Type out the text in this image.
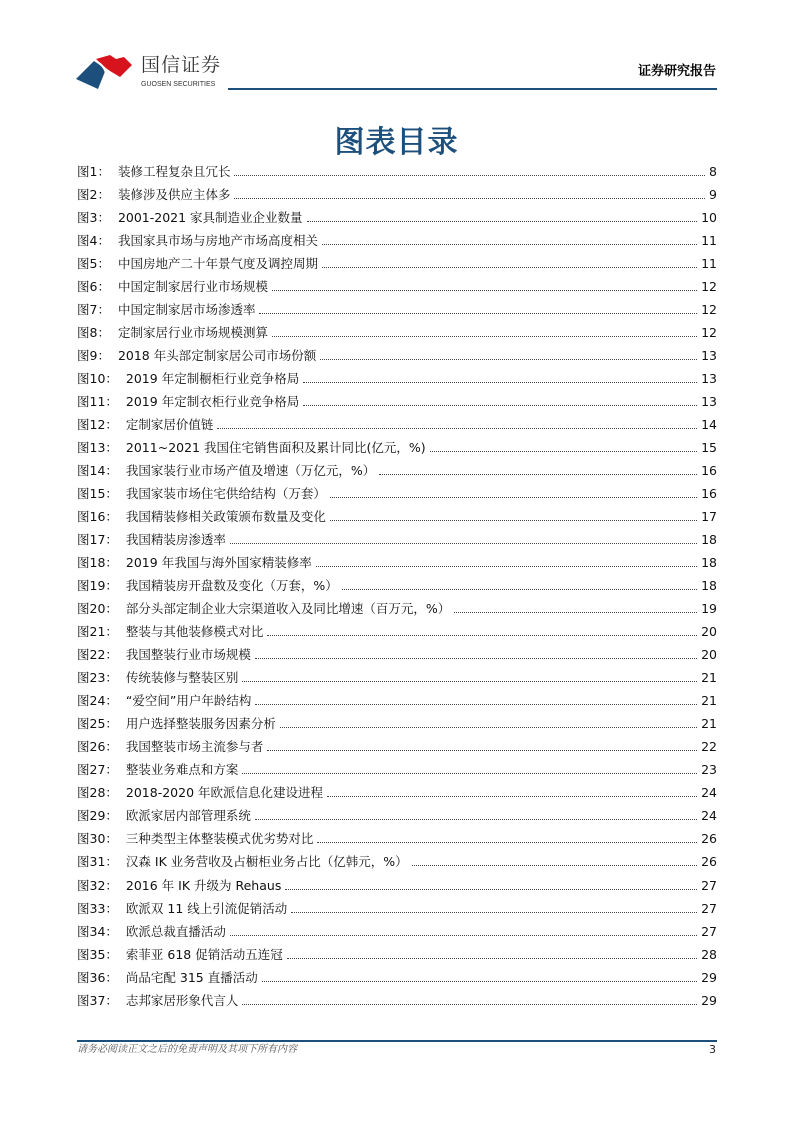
国信证券
GUOSEN SECURITIES
证券研究报告
图表目录
图1： 装修工程复杂且冗长	8
图2： 装修涉及供应主体多	9
图3： 2001-2021 家具制造业企业数量	10
图4： 我国家具市场与房地产市场高度相关	11
图5： 中国房地产二十年景气度及调控周期	11
图6： 中国定制家居行业市场规模	12
图7： 中国定制家居市场渗透率	12
图8： 定制家居行业市场规模测算	12
图9： 2018 年头部定制家居公司市场份额	13
图10： 2019 年定制橱柜行业竞争格局	13
图11： 2019 年定制衣柜行业竞争格局	13
图12： 定制家居价值链	14
图13： 2011~2021 我国住宅销售面积及累计同比(亿元，%)	15
图14： 我国家装行业市场产值及增速（万亿元，%）	16
图15： 我国家装市场住宅供给结构（万套）	16
图16： 我国精装修相关政策颁布数量及变化	17
图17： 我国精装房渗透率	18
图18： 2019 年我国与海外国家精装修率	18
图19： 我国精装房开盘数及变化（万套，%）	18
图20： 部分头部定制企业大宗渠道收入及同比增速（百万元，%）	19
图21： 整装与其他装修模式对比	20
图22： 我国整装行业市场规模	20
图23： 传统装修与整装区别	21
图24： “爱空间”用户年龄结构	21
图25： 用户选择整装服务因素分析	21
图26： 我国整装市场主流参与者	22
图27： 整装业务难点和方案	23
图28： 2018-2020 年欧派信息化建设进程	24
图29： 欧派家居内部管理系统	24
图30： 三种类型主体整装模式优劣势对比	26
图31： 汉森 IK 业务营收及占橱柜业务占比（亿韩元，%）	26
图32： 2016 年 IK 升级为 Rehaus	27
图33： 欧派双 11 线上引流促销活动	27
图34： 欧派总裁直播活动	27
图35： 索菲亚 618 促销活动五连冠	28
图36： 尚品宅配 315 直播活动	29
图37： 志邦家居形象代言人	29
请务必阅读正文之后的免责声明及其项下所有内容	3
